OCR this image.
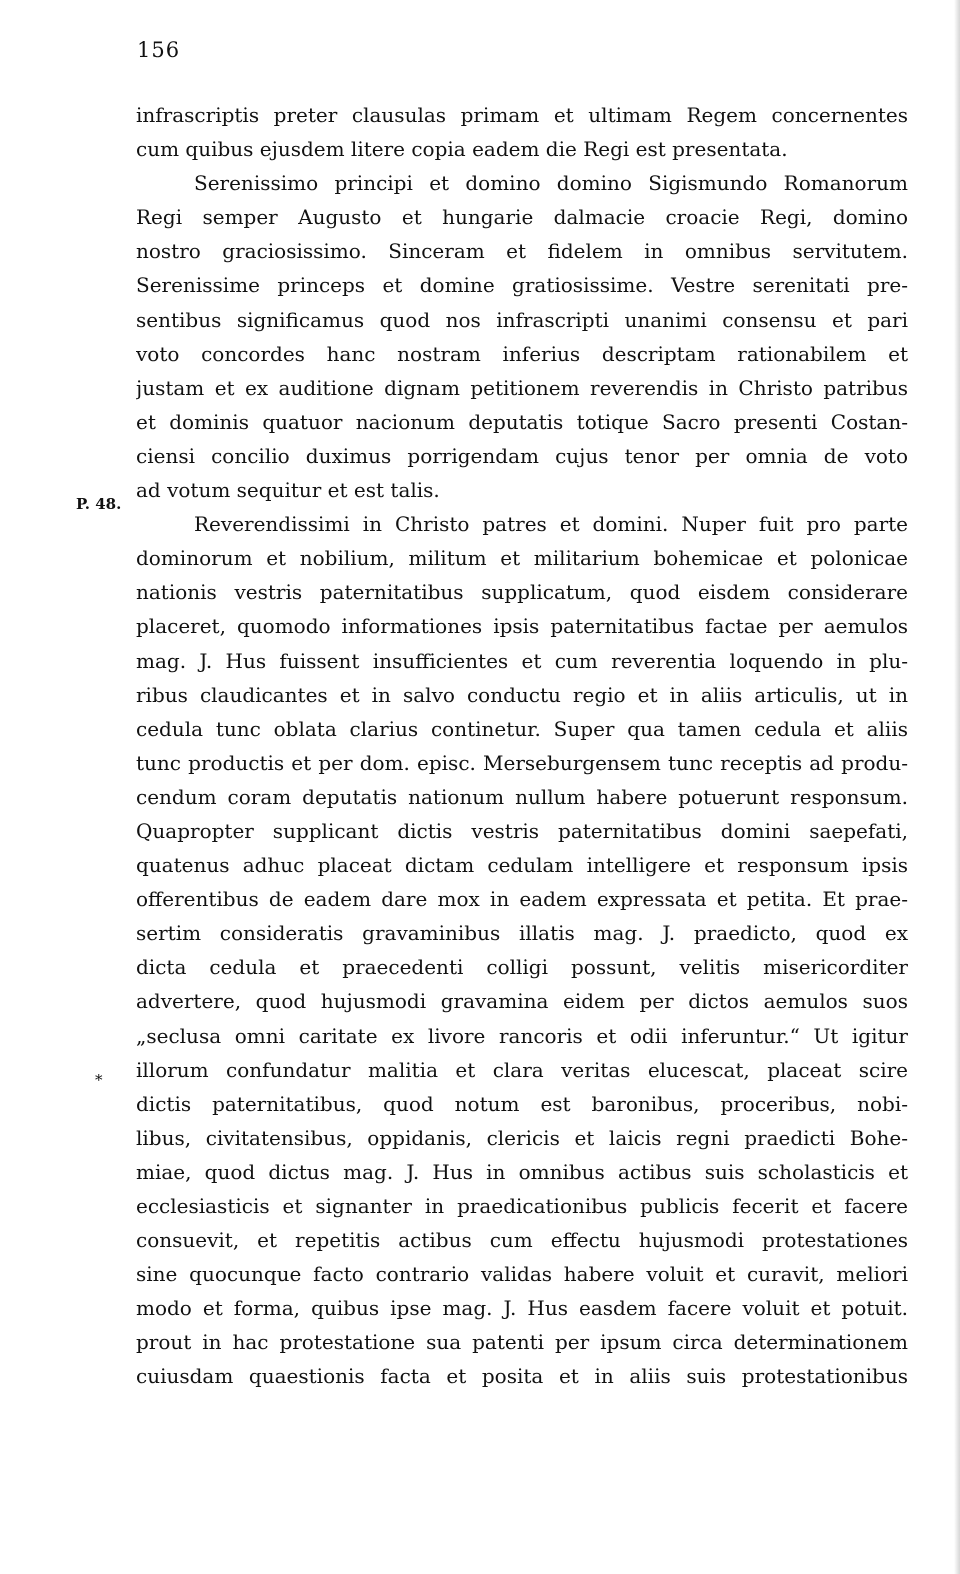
156
P. 48.
*
infrascriptis preter clausulas primam et ultimam Regem concernentes
cum quibus ejusdem litere copia eadem die Regi est presentata.
Serenissimo principi et domino domino Sigismundo Romanorum
Regi semper Augusto et hungarie dalmacie croacie Regi, domino
nostro graciosissimo. Sinceram et fidelem in omnibus servitutem.
Serenissime princeps et domine gratiosissime. Vestre serenitati pre-
sentibus significamus quod nos infrascripti unanimi consensu et pari
voto concordes hanc nostram inferius descriptam rationabilem et
justam et ex auditione dignam petitionem reverendis in Christo patribus
et dominis quatuor nacionum deputatis totique Sacro presenti Costan-
ciensi concilio duximus porrigendam cujus tenor per omnia de voto
ad votum sequitur et est talis.
Reverendissimi in Christo patres et domini. Nuper fuit pro parte
dominorum et nobilium, militum et militarium bohemicae et polonicae
nationis vestris paternitatibus supplicatum, quod eisdem considerare
placeret, quomodo informationes ipsis paternitatibus factae per aemulos
mag. J. Hus fuissent insufficientes et cum reverentia loquendo in plu-
ribus claudicantes et in salvo conductu regio et in aliis articulis, ut in
cedula tunc oblata clarius continetur. Super qua tamen cedula et aliis
tunc productis et per dom. episc. Merseburgensem tunc receptis ad produ-
cendum coram deputatis nationum nullum habere potuerunt responsum.
Quapropter supplicant dictis vestris paternitatibus domini saepefati,
quatenus adhuc placeat dictam cedulam intelligere et responsum ipsis
offerentibus de eadem dare mox in eadem expressata et petita. Et prae-
sertim consideratis gravaminibus illatis mag. J. praedicto, quod ex
dicta cedula et praecedenti colligi possunt, velitis misericorditer
advertere, quod hujusmodi gravamina eidem per dictos aemulos suos
„seclusa omni caritate ex livore rancoris et odii inferuntur.“ Ut igitur
illorum confundatur malitia et clara veritas elucescat, placeat scire
dictis paternitatibus, quod notum est baronibus, proceribus, nobi-
libus, civitatensibus, oppidanis, clericis et laicis regni praedicti Bohe-
miae, quod dictus mag. J. Hus in omnibus actibus suis scholasticis et
ecclesiasticis et signanter in praedicationibus publicis fecerit et facere
consuevit, et repetitis actibus cum effectu hujusmodi protestationes
sine quocunque facto contrario validas habere voluit et curavit, meliori
modo et forma, quibus ipse mag. J. Hus easdem facere voluit et potuit.
prout in hac protestatione sua patenti per ipsum circa determinationem
cuiusdam quaestionis facta et posita et in aliis suis protestationibus
